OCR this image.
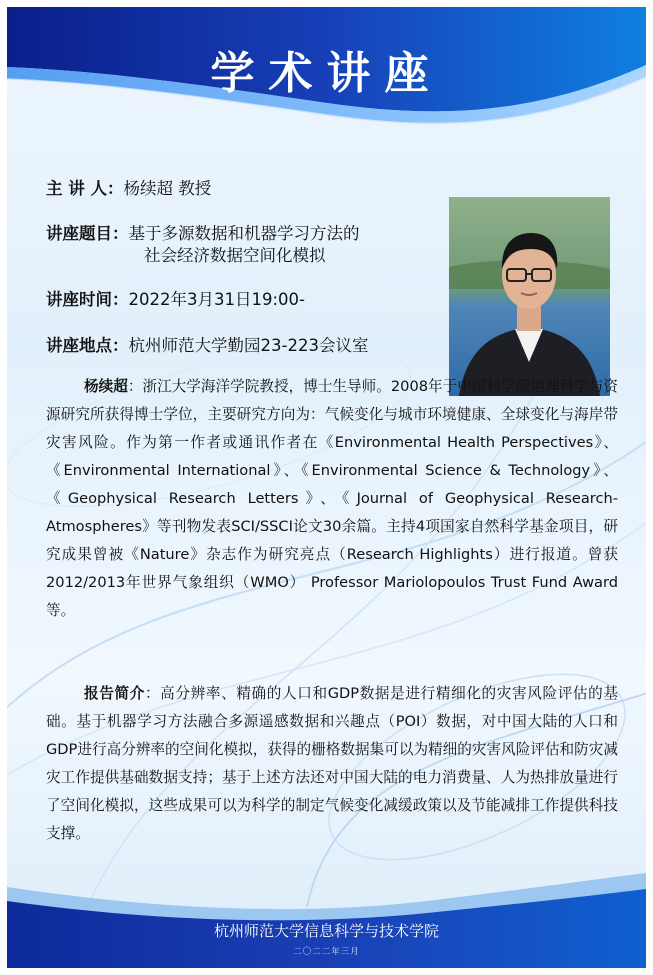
学术讲座
主 讲 人：杨续超 教授
讲座题目：基于多源数据和机器学习方法的
社会经济数据空间化模拟
讲座时间：2022年3月31日19:00-
讲座地点：杭州师范大学勤园23-223会议室

杨续超：浙江大学海洋学院教授，博士生导师。2008年于中国科学院地理科学与资源研究所获得博士学位，主要研究方向为：气候变化与城市环境健康、全球变化与海岸带灾害风险。作为第一作者或通讯作者在《Environmental Health Perspectives》、《Environmental International》、《Environmental Science & Technology》、《Geophysical Research Letters》、《Journal of Geophysical Research-Atmospheres》等刊物发表SCI/SSCI论文30余篇。主持4项国家自然科学基金项目，研究成果曾被《Nature》杂志作为研究亮点（Research Highlights）进行报道。曾获2012/2013年世界气象组织（WMO） Professor Mariolopoulos Trust Fund Award等。

报告简介：高分辨率、精确的人口和GDP数据是进行精细化的灾害风险评估的基础。基于机器学习方法融合多源遥感数据和兴趣点（POI）数据，对中国大陆的人口和GDP进行高分辨率的空间化模拟，获得的栅格数据集可以为精细的灾害风险评估和防灾减灾工作提供基础数据支持；基于上述方法还对中国大陆的电力消费量、人为热排放量进行了空间化模拟，这些成果可以为科学的制定气候变化减缓政策以及节能减排工作提供科技支撑。

杭州师范大学信息科学与技术学院
二〇二二年三月
